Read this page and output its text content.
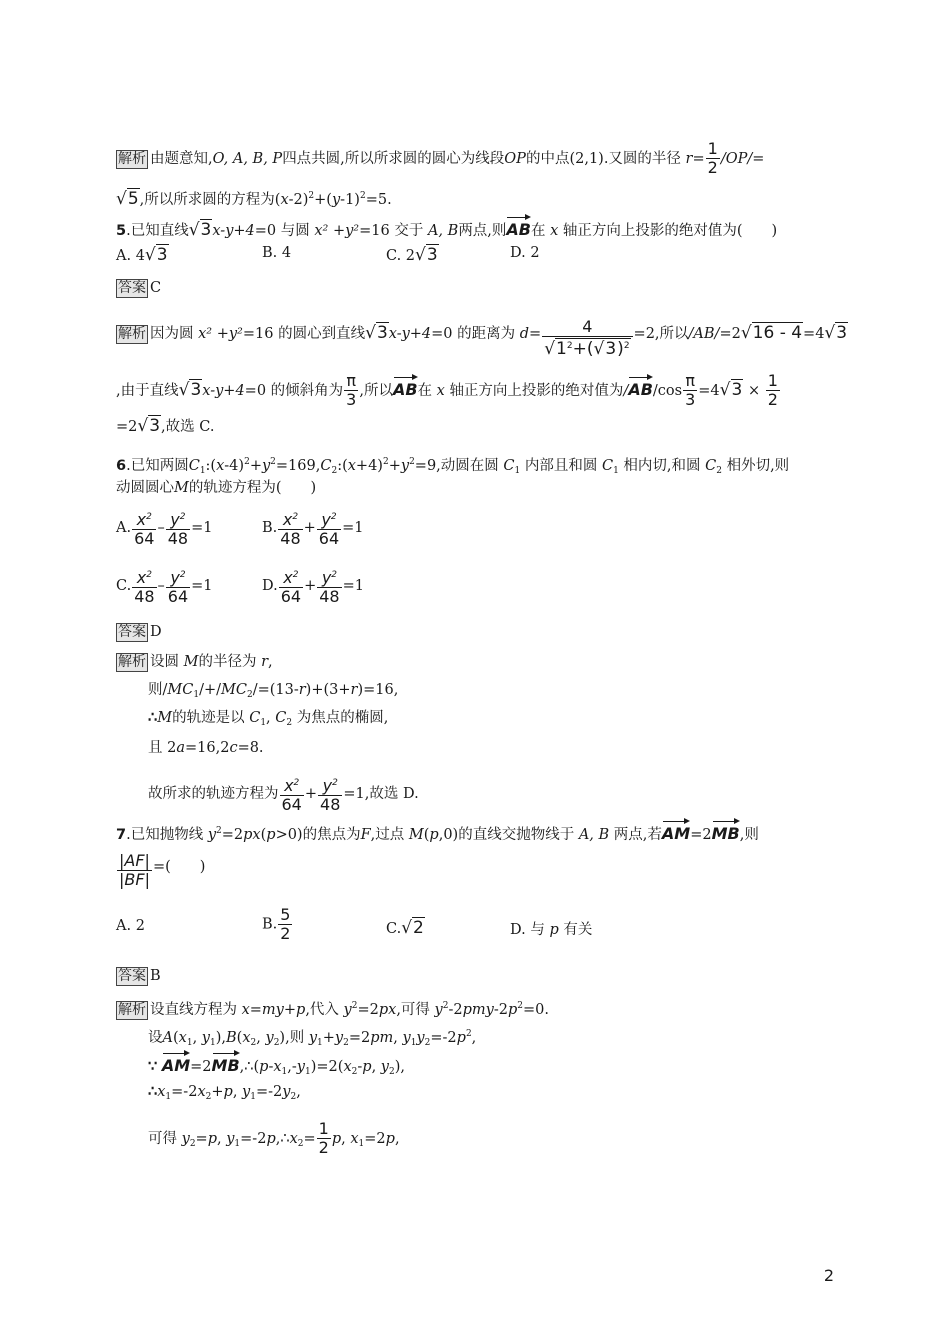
解析 由题意知,O, A, B, P四点共圆,所以所求圆的圆心为线段OP的中点(2,1).又圆的半径 $r= \frac{1}{2} /OP/=$
√5,所以所求圆的方程为$(x-2)^2+(y-1)^2=5$.
5.已知直线√3x-y+4=0 与圆 x² +y²=16 交于 A, B两点,则AB在 x 轴正方向上投影的绝对值为(　　)
A. 4√3	B. 4	C. 2√3	D. 2
答案 C
解析 因为圆 x² +y²=16 的圆心到直线√3x-y+4=0 的距离为 $d= \frac{4}{√1^2+(√3)^2} =2$,所以/AB/=2√16 - 4=4√3
,由于直线√3x-y+4=0 的倾斜角为 $\frac{\pi}{3}$ ,所以AB在 x 轴正方向上投影的绝对值为$/AB/\cos \frac{\pi}{3} =4√3 \times \frac{1}{2}$
=2√3,故选 C.
6.已知两圆$C_1:(x-4)^2+y^2=169,C_2:(x+4)^2+y^2=9$,动圆在圆 $C_1$ 内部且和圆 $C_1$ 相内切,和圆 $C_2$ 相外切,则
动圆圆心M的轨迹方程为(　　)
A. $\frac{x^2}{64} - \frac{y^2}{48} =1$	B. $\frac{x^2}{48} + \frac{y^2}{64} =1$
C. $\frac{x^2}{48} - \frac{y^2}{64} =1$	D. $\frac{x^2}{64} + \frac{y^2}{48} =1$
答案 D
解析 设圆 M的半径为 r,
则$/MC_1/+/MC_2/=(13-r)+(3+r)=16$,
∴M的轨迹是以 $C_1$, $C_2$ 为焦点的椭圆,
且 2a=16,2c=8.
故所求的轨迹方程为 $\frac{x^2}{64} + \frac{y^2}{48} =1$,故选 D.
7.已知抛物线 $y^2=2px(p>0)$的焦点为F,过点 M(p,0)的直线交抛物线于 A, B 两点,若AM=2MB,则
$\frac{|AF|}{|BF|}$ =(　　)
A. 2	B. $\frac{5}{2}$	C.√2	D. 与 p 有关
答案 B
解析 设直线方程为 x=my+p,代入 $y^2=2px$,可得 $y^2-2pmy-2p^2=0$.
设$A(x_1$, $y_1),B(x_2$, $y_2$),则 $y_1+y_2=2pm$, $y_1y_2=-2p^2$,
∵ $AM=2MB,\therefore(p-x_1,-y_1)=2(x_2-p$, $y_2$),
$\therefore x_1=-2x_2+p$, $y_1=-2y_2$,
可得 $y_2=p$, $y_1=-2p,\therefore x_2= \frac{1}{2} p$, $x_1=2p$,
2
